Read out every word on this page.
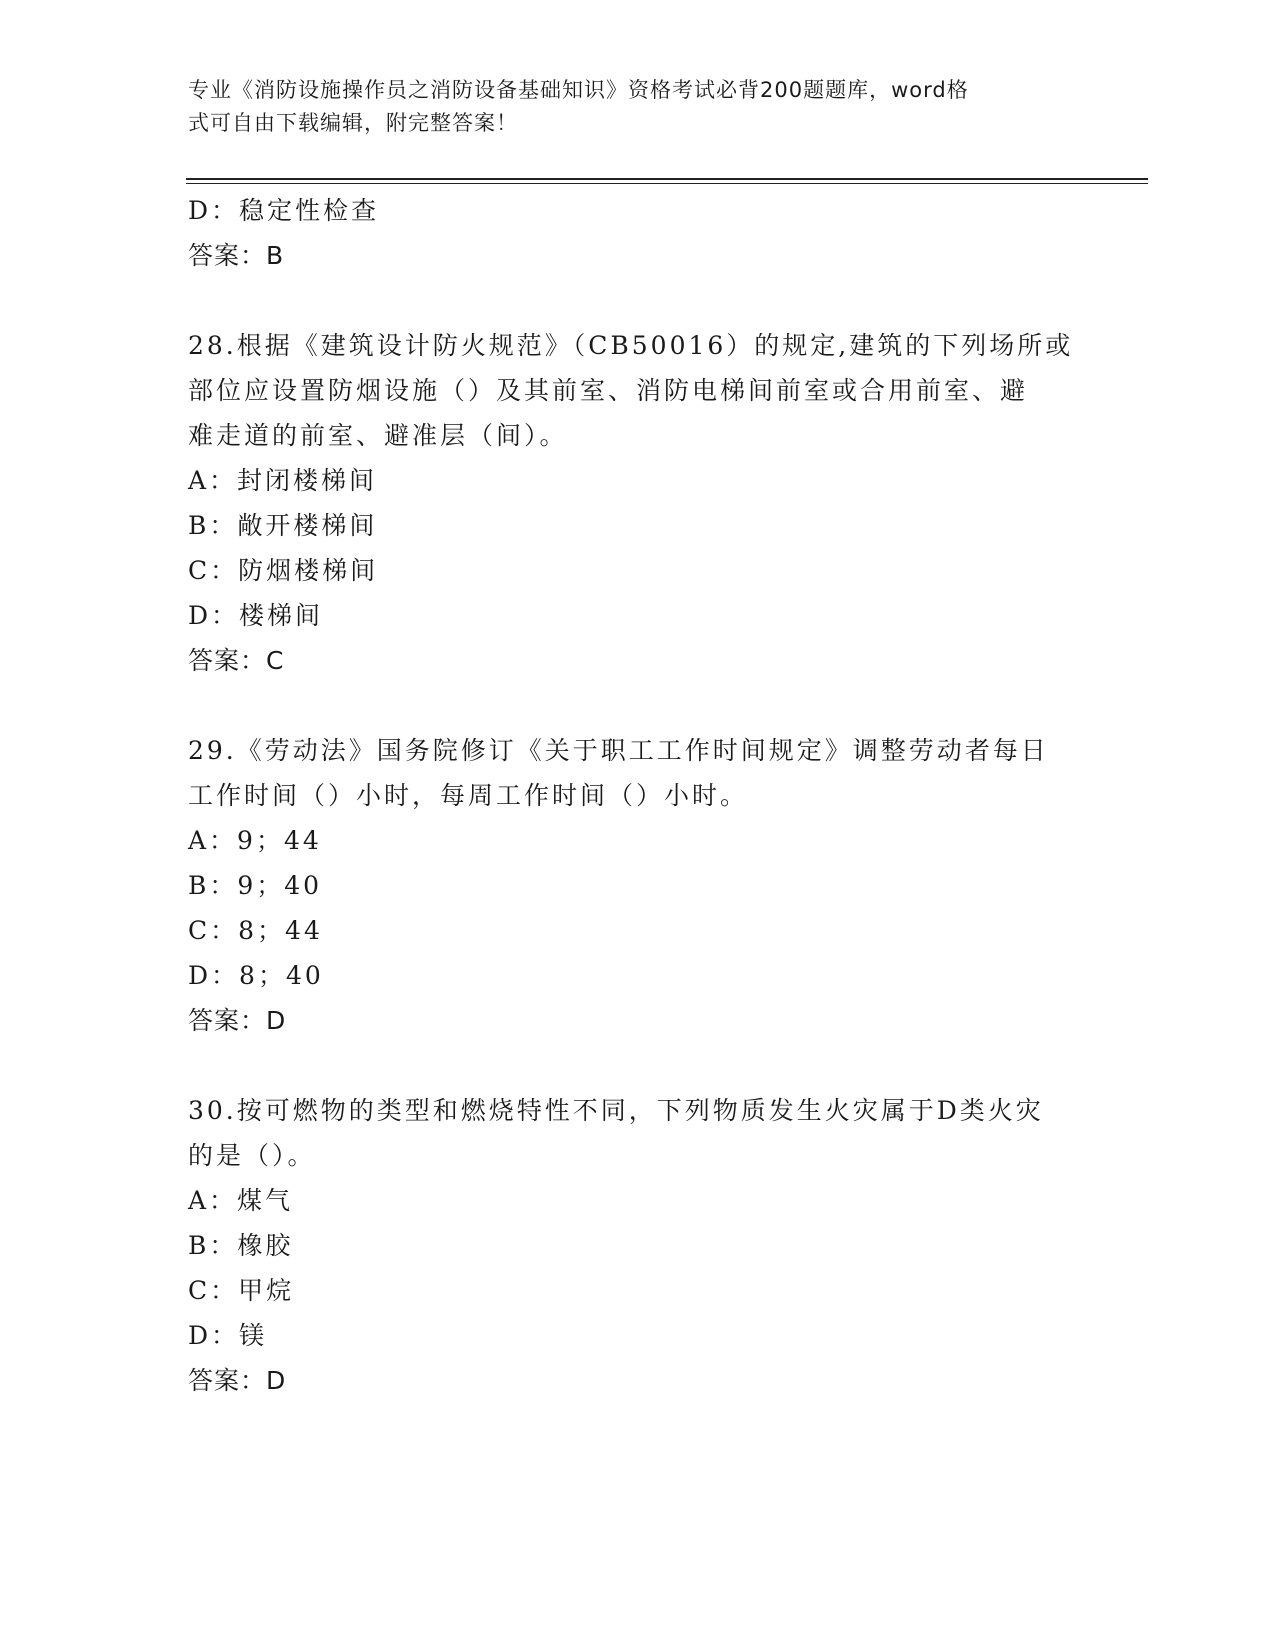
专业《消防设施操作员之消防设备基础知识》资格考试必背200题题库，word格
式可自由下载编辑，附完整答案！
D：稳定性检查
答案：B
28.根据《建筑设计防火规范》（CB50016）的规定,建筑的下列场所或
部位应设置防烟设施（）及其前室、消防电梯间前室或合用前室、避
难走道的前室、避准层（间）。
A：封闭楼梯间
B：敞开楼梯间
C：防烟楼梯间
D：楼梯间
答案：C
29.《劳动法》国务院修订《关于职工工作时间规定》调整劳动者每日
工作时间（）小时，每周工作时间（）小时。
A：9；44
B：9；40
C：8；44
D：8；40
答案：D
30.按可燃物的类型和燃烧特性不同，下列物质发生火灾属于D类火灾
的是（）。
A：煤气
B：橡胶
C：甲烷
D：镁
答案：D
